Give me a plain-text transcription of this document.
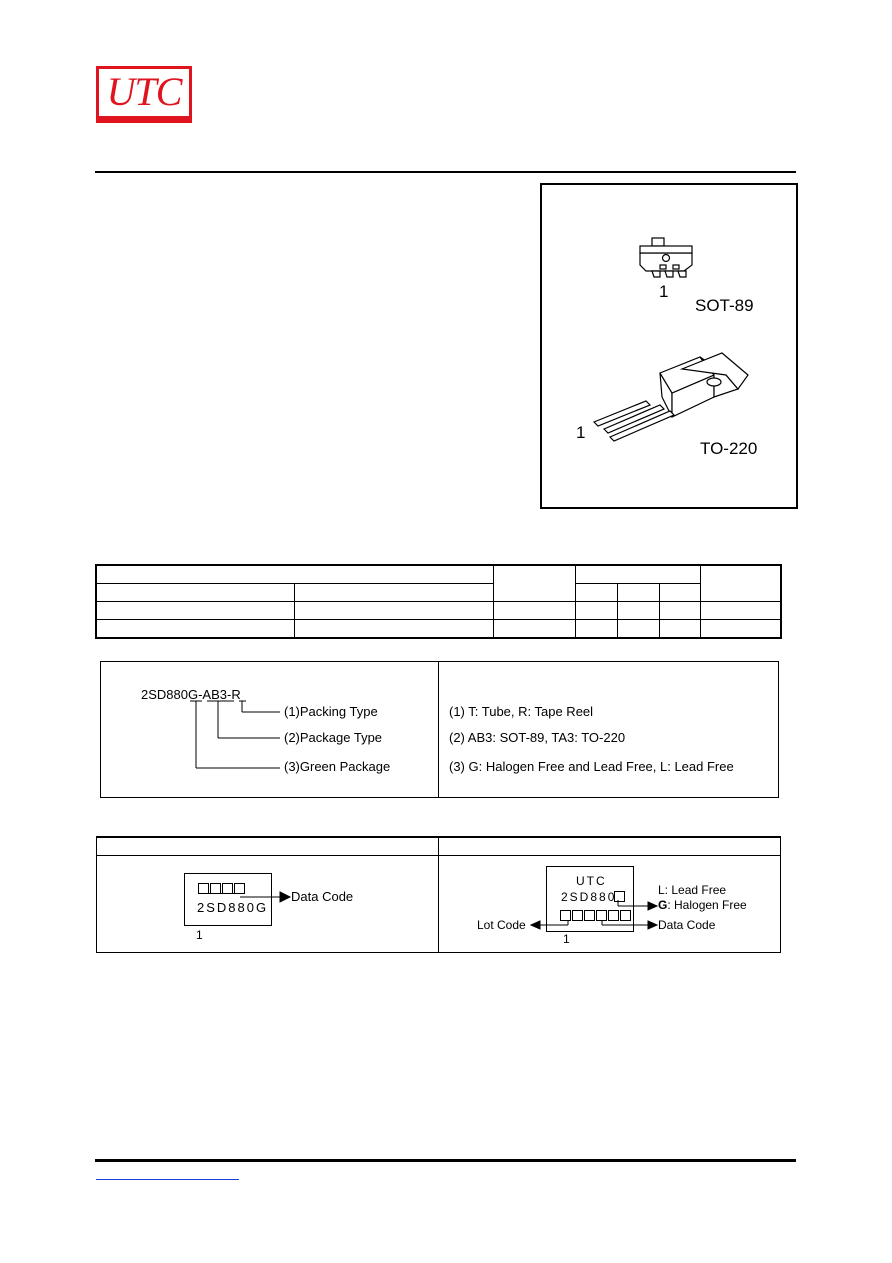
UTC
1
SOT-89
1
TO-220

2SD880G-AB3-R
(1)Packing Type
(2)Package Type
(3)Green Package
(1) T: Tube, R: Tape Reel
(2) AB3: SOT-89, TA3: TO-220
(3) G: Halogen Free and Lead Free, L: Lead Free
2SD880G
Data Code
1
UTC
2SD880	L: Lead Free
G: Halogen Free
Lot Code	Data Code
1
